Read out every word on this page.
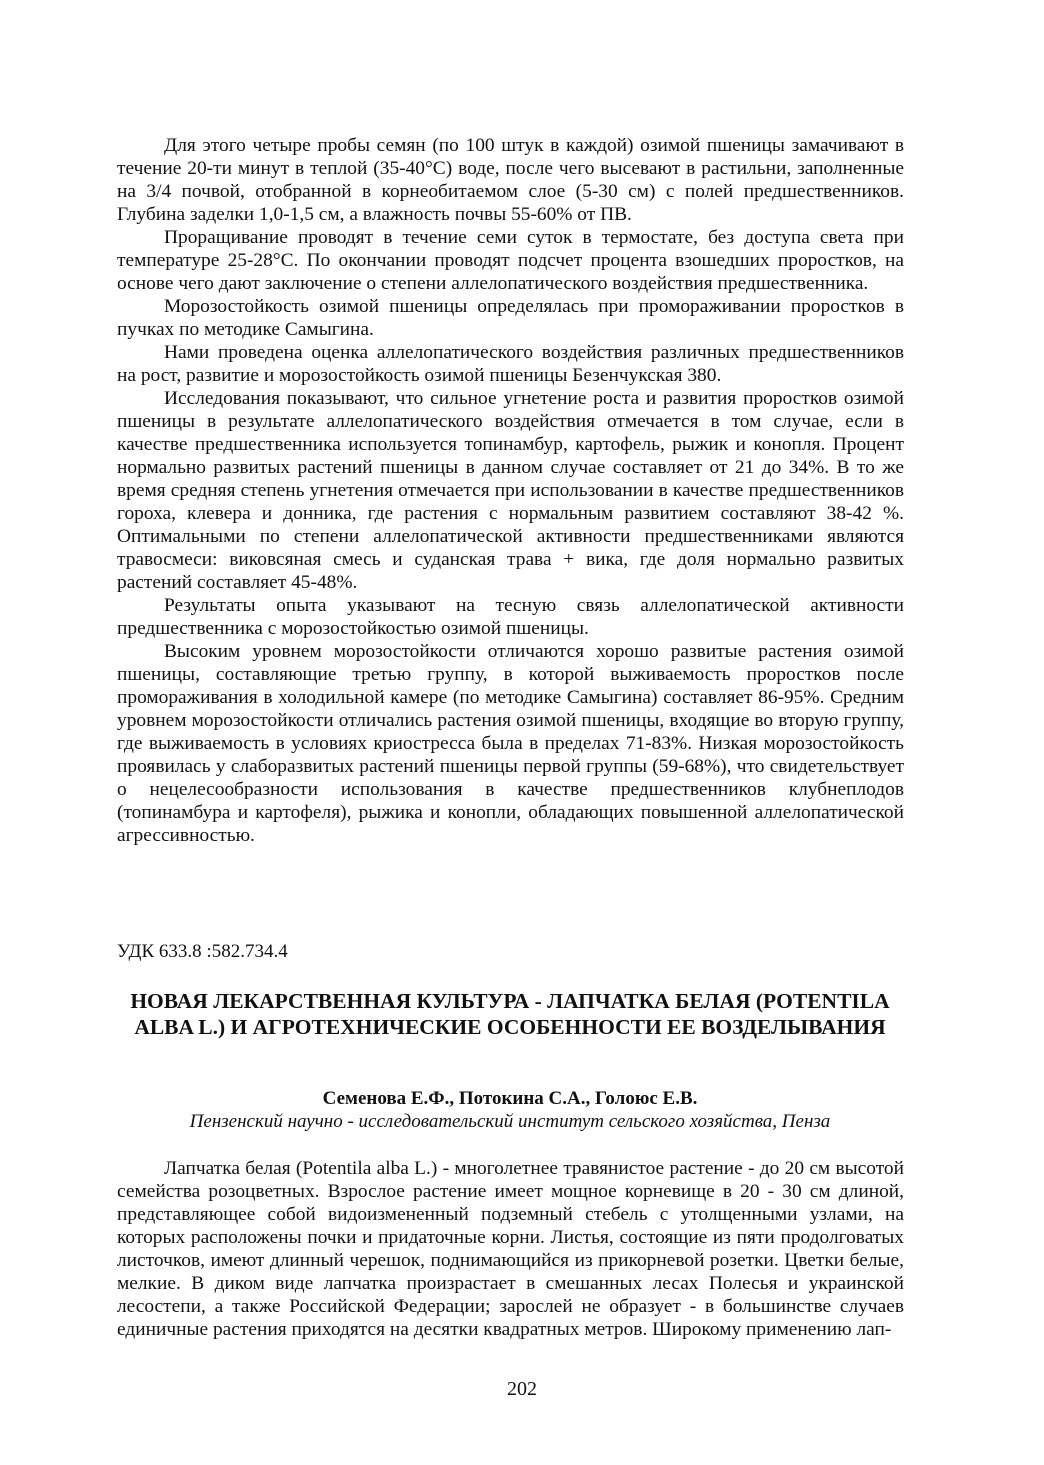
Для этого четыре пробы семян (по 100 штук в каждой) озимой пшеницы замачивают в течение 20-ти минут в теплой (35-40°С) воде, после чего высевают в растильни, заполненные на 3/4 почвой, отобранной в корнеобитаемом слое (5-30 см) с полей предшественников. Глубина заделки 1,0-1,5 см, а влажность почвы 55-60% от ПВ.

Проращивание проводят в течение семи суток в термостате, без доступа света при температуре 25-28°С. По окончании проводят подсчет процента взошедших проростков, на основе чего дают заключение о степени аллелопатического воздействия предшественника.

Морозостойкость озимой пшеницы определялась при промораживании проростков в пучках по методике Самыгина.

Нами проведена оценка аллелопатического воздействия различных предшественников на рост, развитие и морозостойкость озимой пшеницы Безенчукская 380.

Исследования показывают, что сильное угнетение роста и развития проростков озимой пшеницы в результате аллелопатического воздействия отмечается в том случае, если в качестве предшественника используется топинамбур, картофель, рыжик и конопля. Процент нормально развитых растений пшеницы в данном случае составляет от 21 до 34%. В то же время средняя степень угнетения отмечается при использовании в качестве предшественников гороха, клевера и донника, где растения с нормальным развитием составляют 38-42 %. Оптимальными по степени аллелопатической активности предшественниками являются травосмеси: виковсяная смесь и суданская трава + вика, где доля нормально развитых растений составляет 45-48%.

Результаты опыта указывают на тесную связь аллелопатической активности предшественника с морозостойкостью озимой пшеницы.

Высоким уровнем морозостойкости отличаются хорошо развитые растения озимой пшеницы, составляющие третью группу, в которой выживаемость проростков после промораживания в холодильной камере (по методике Самыгина) составляет 86-95%. Средним уровнем морозостойкости отличались растения озимой пшеницы, входящие во вторую группу, где выживаемость в условиях криостресса была в пределах 71-83%. Низкая морозостойкость проявилась у слаборазвитых растений пшеницы первой группы (59-68%), что свидетельствует о нецелесообразности использования в качестве предшественников клубнеплодов (топинамбура и картофеля), рыжика и конопли, обладающих повышенной аллелопатической агрессивностью.

УДК 633.8 :582.734.4
НОВАЯ ЛЕКАРСТВЕННАЯ КУЛЬТУРА - ЛАПЧАТКА БЕЛАЯ (POTENTILA ALBA L.) И АГРОТЕХНИЧЕСКИЕ ОСОБЕННОСТИ ЕЕ ВОЗДЕЛЫВАНИЯ
Семенова Е.Ф., Потокина С.А., Голоюс Е.В.
Пензенский научно - исследовательский институт сельского хозяйства, Пенза

Лапчатка белая (Potentila alba L.) - многолетнее травянистое растение - до 20 см высотой семейства розоцветных. Взрослое растение имеет мощное корневище в 20 - 30 см длиной, представляющее собой видоизмененный подземный стебель с утолщенными узлами, на которых расположены почки и придаточные корни. Листья, состоящие из пяти продолговатых листочков, имеют длинный черешок, поднимающийся из прикорневой розетки. Цветки белые, мелкие. В диком виде лапчатка произрастает в смешанных лесах Полесья и украинской лесостепи, а также Российской Федерации; зарослей не образует - в большинстве случаев единичные растения приходятся на десятки квадратных метров. Широкому применению лап-

202
